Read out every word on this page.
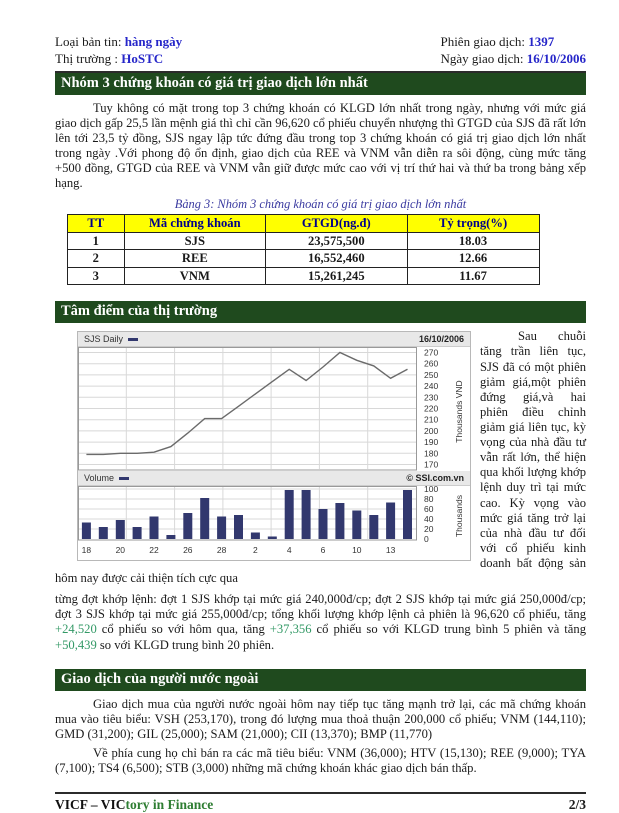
Loại bản tin: hàng ngày
Thị trường : HoSTC
Phiên giao dịch: 1397
Ngày giao dịch: 16/10/2006
Nhóm 3 chứng khoán có giá trị giao dịch lớn nhất

Tuy không có mặt trong top 3 chứng khoán có KLGD lớn nhất trong ngày, nhưng với mức giá giao dịch gấp 25,5 lần mệnh giá thì chỉ cần 96,620 cổ phiếu chuyển nhượng thì GTGD của SJS đã rất lớn lên tới 23,5 tỷ đồng, SJS ngay lập tức đứng đầu trong top 3 chứng khoán có giá trị giao dịch lớn nhất trong ngày .Với phong độ ổn định, giao dịch của REE và VNM vẫn diễn ra sôi động, cùng mức tăng +500 đồng, GTGD của REE và VNM vẫn giữ được mức cao với vị trí thứ hai và thứ ba trong bảng xếp hạng.

Bảng 3: Nhóm 3 chứng khoán có giá trị giao dịch lớn nhất
TT	Mã chứng khoán	GTGD(ng.đ)	Tỷ trọng(%)
1	SJS	23,575,500	18.03
2	REE	16,552,460	12.66
3	VNM	15,261,245	11.67
Tâm điểm của thị trường
SJS Daily	16/10/2006
270
260
250
240
230
220
210
200
190
180
170
Thousands VND
Volume	© SSI.com.vn
100
80
60
40
20
0
18	20	22	26	28	2	4	6	10	13
Thousands

Sau chuỗi tăng trần liên tục, SJS đã có một phiên giảm giá,một phiên đứng giá,và hai phiên điều chỉnh giảm giá liên tục, kỳ vọng của nhà đầu tư vẫn rất lớn, thể hiện qua khối lượng khớp lệnh duy trì tại mức cao. Kỳ vọng vào mức giá tăng trở lại của nhà đầu tư đối với cổ phiếu kinh doanh bất động sản hôm nay được cải thiện tích cực qua

từng đợt khớp lệnh: đợt 1 SJS khớp tại mức giá 240,000đ/cp; đợt 2 SJS khớp tại mức giá 250,000đ/cp; đợt 3 SJS khớp tại mức giá 255,000đ/cp; tổng khối lượng khớp lệnh cả phiên là 96,620 cổ phiếu, tăng +24,520 cổ phiếu so với hôm qua, tăng +37,356 cổ phiếu so với KLGD trung bình 5 phiên và tăng +50,439 so với KLGD trung bình 20 phiên.

Giao dịch của người nước ngoài

Giao dịch mua của người nước ngoài hôm nay tiếp tục tăng mạnh trở lại, các mã chứng khoán mua vào tiêu biểu: VSH (253,170), trong đó lượng mua thoả thuận 200,000 cổ phiếu; VNM (144,110); GMD (31,200); GIL (25,000); SAM (21,000); CII (13,370); BMP (11,770)

Về phía cung họ chỉ bán ra các mã tiêu biểu: VNM (36,000); HTV (15,130); REE (9,000); TYA (7,100); TS4 (6,500); STB (3,000) những mã chứng khoán khác giao dịch bán thấp.

VICF – VICtory in Finance	2/3
